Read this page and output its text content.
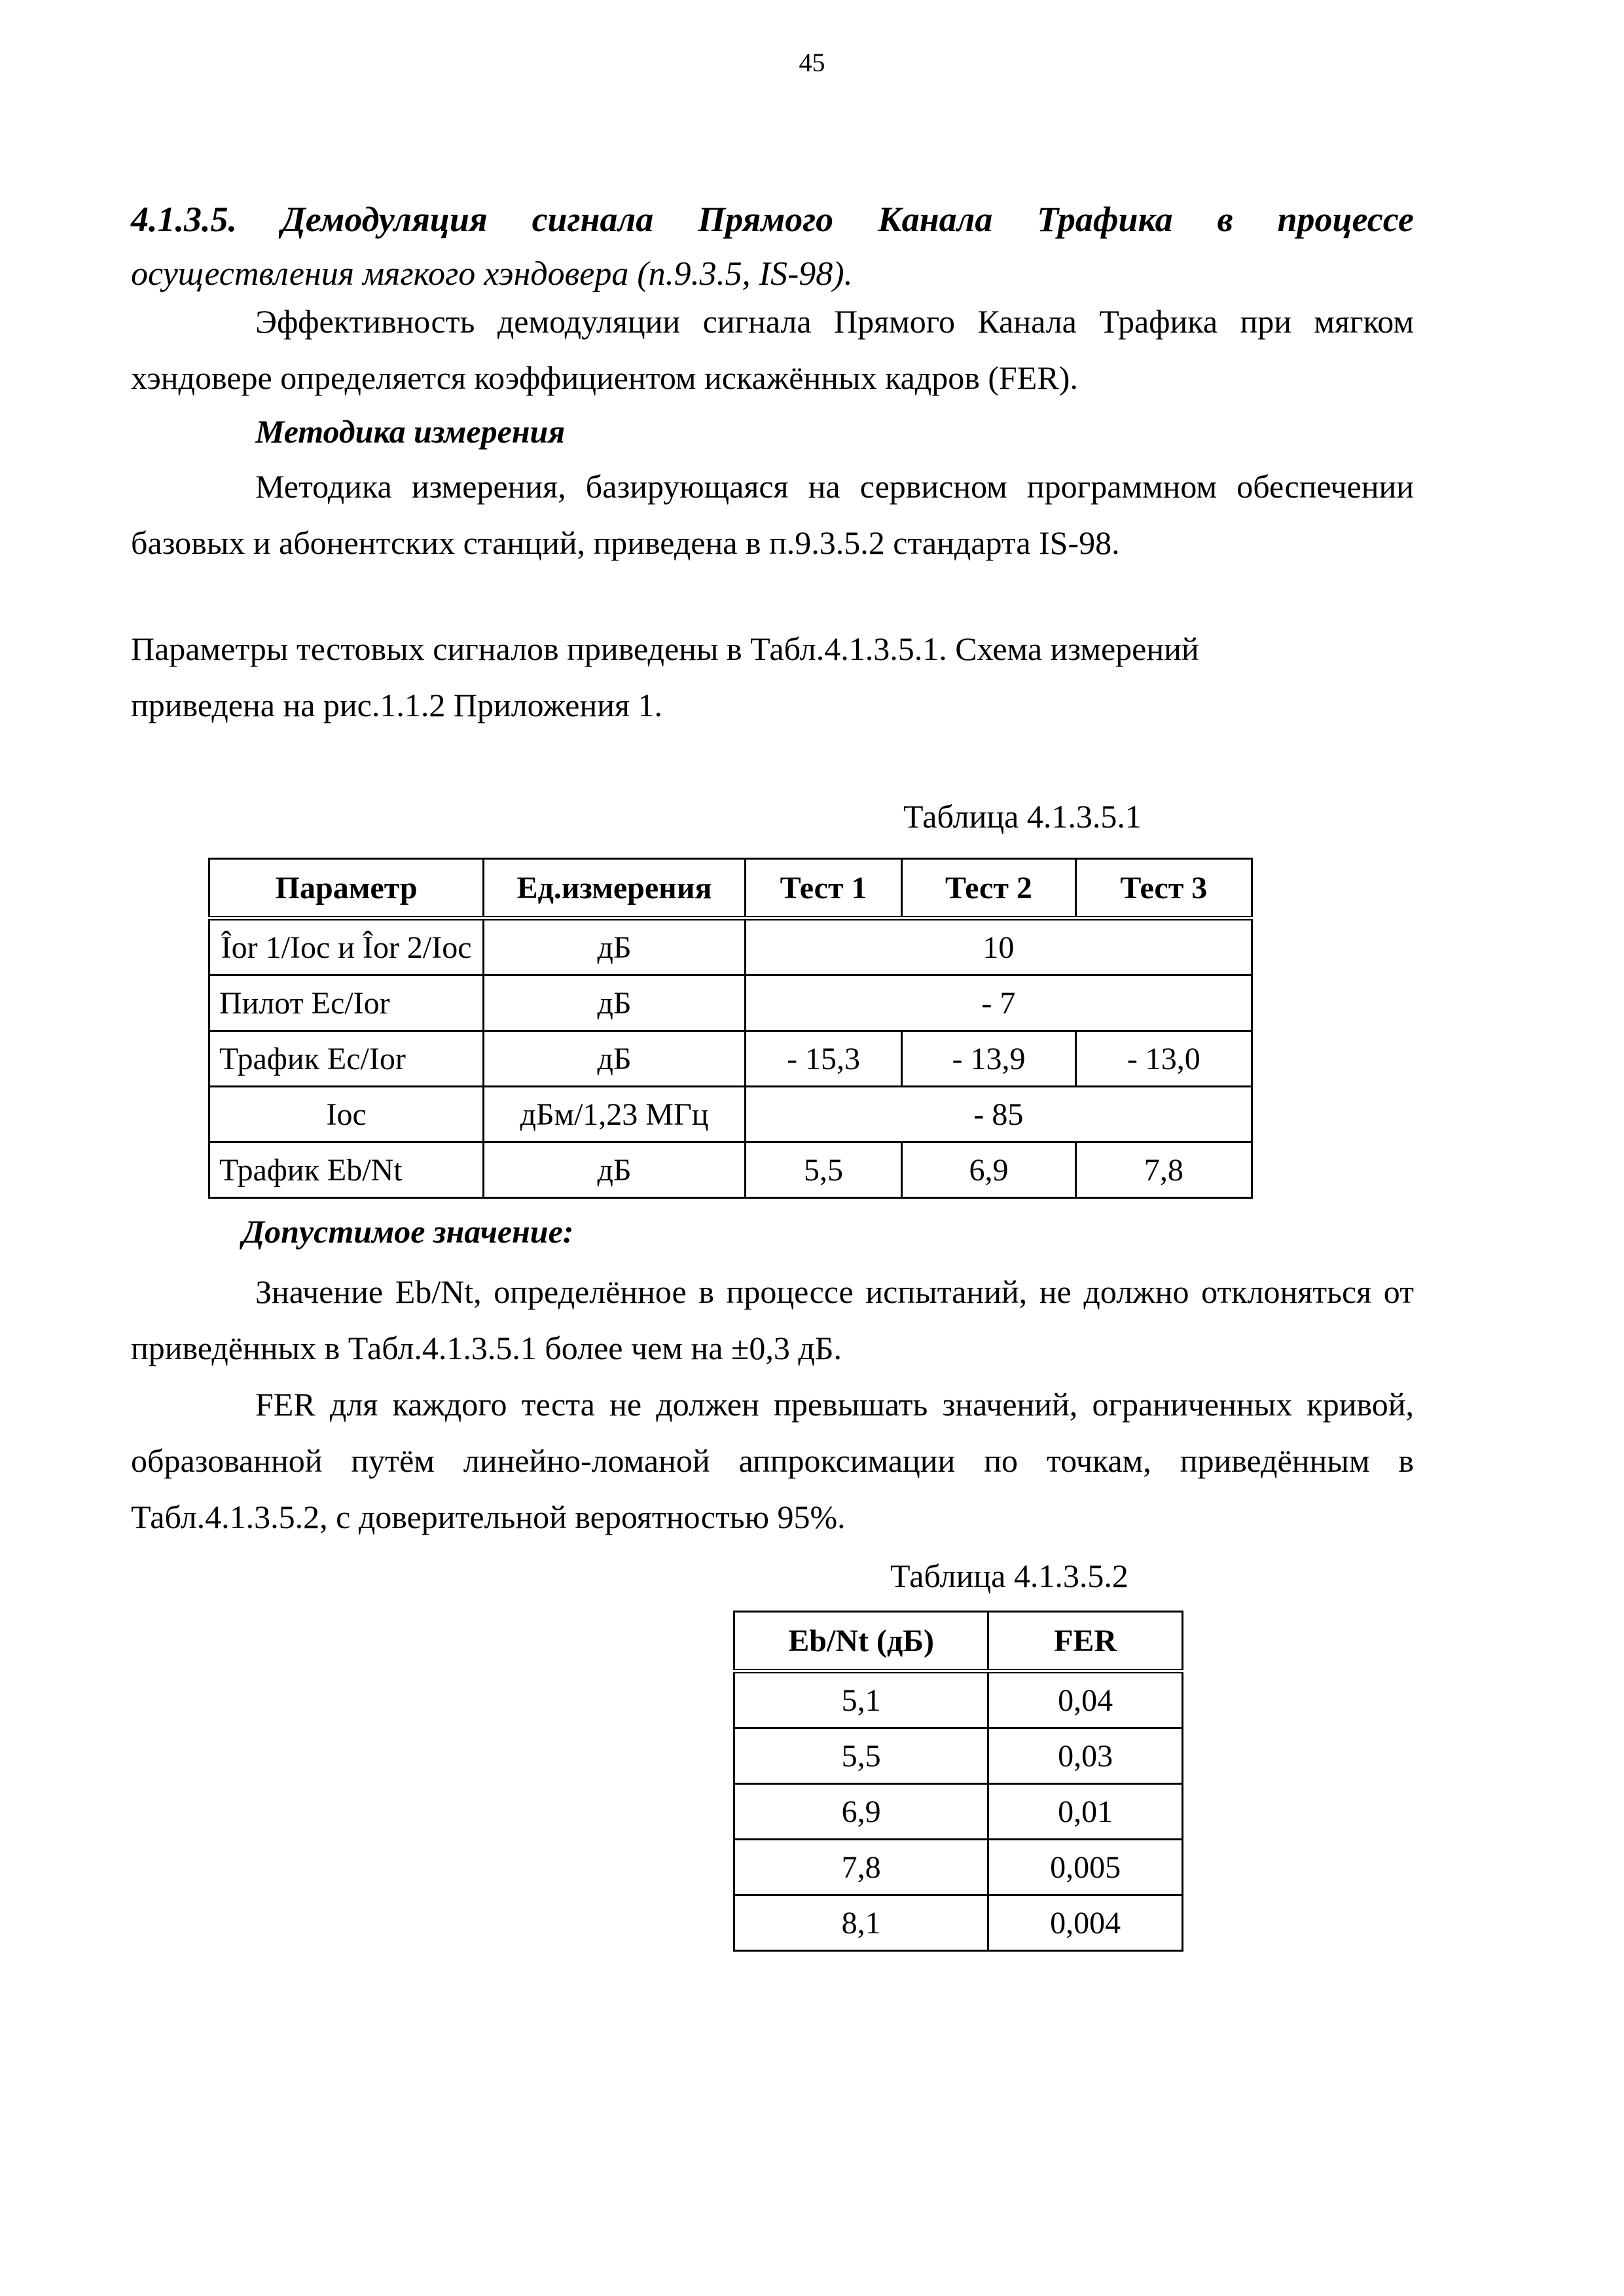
45
4.1.3.5. Демодуляция сигнала Прямого Канала Трафика в процессе
осуществления мягкого хэндовера (п.9.3.5, IS-98).
Эффективность демодуляции сигнала Прямого Канала Трафика при мягком хэндовере определяется коэффициентом искажённых кадров (FER).
Методика измерения
Методика измерения, базирующаяся на сервисном программном обеспечении базовых и абонентских станций, приведена в п.9.3.5.2 стандарта IS-98.
Параметры тестовых сигналов приведены в Табл.4.1.3.5.1. Схема измерений
приведена на рис.1.1.2 Приложения 1.
Таблица 4.1.3.5.1
Параметр	Ед.измерения	Тест 1	Тест 2	Тест 3
Îor 1/Ioc и Îor 2/Ioc	дБ	10		
Пилот Ec/Ior	дБ	- 7		
Трафик Ec/Ior	дБ	- 15,3	- 13,9	- 13,0
Ioc	дБм/1,23 МГц	- 85		
Трафик Eb/Nt	дБ	5,5	6,9	7,8
Допустимое значение:
Значение Eb/Nt, определённое в процессе испытаний, не должно отклоняться от приведённых в Табл.4.1.3.5.1 более чем на ±0,3 дБ.
FER для каждого теста не должен превышать значений, ограниченных кривой, образованной путём линейно-ломаной аппроксимации по точкам, приведённым в Табл.4.1.3.5.2, с доверительной вероятностью 95%.
Таблица 4.1.3.5.2
Eb/Nt (дБ)	FER
5,1	0,04
5,5	0,03
6,9	0,01
7,8	0,005
8,1	0,004
